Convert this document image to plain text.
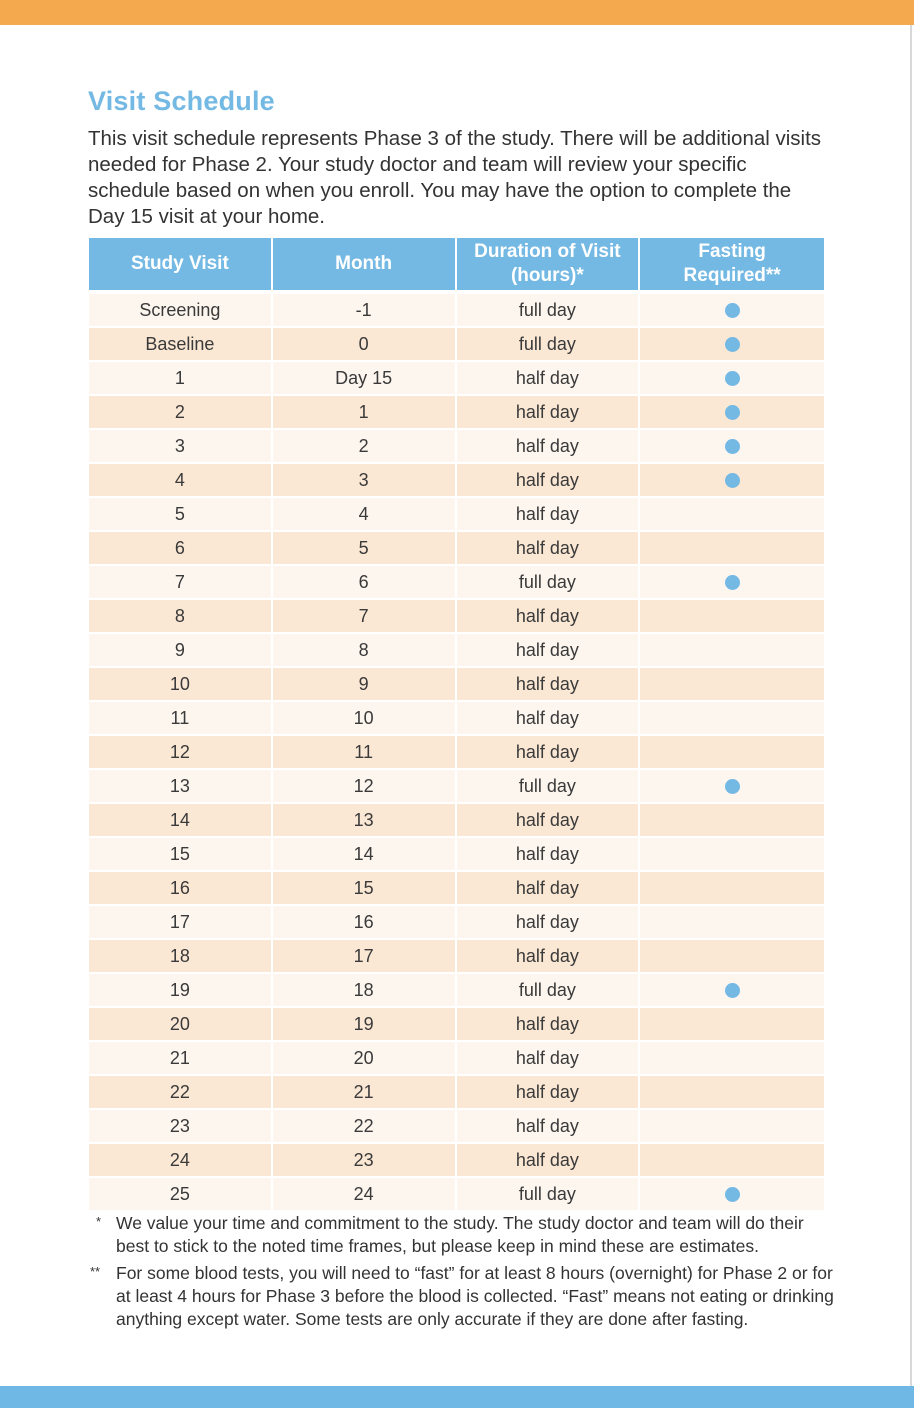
Visit Schedule

This visit schedule represents Phase 3 of the study. There will be additional visits needed for Phase 2. Your study doctor and team will review your specific schedule based on when you enroll. You may have the option to complete the Day 15 visit at your home.

Study Visit	Month	Duration of Visit (hours)*	Fasting Required**

Screening	-1	full day	
Baseline	0	full day	
1	Day 15	half day	
2	1	half day	
3	2	half day	
4	3	half day	
5	4	half day	
6	5	half day	
7	6	full day	
8	7	half day	
9	8	half day	
10	9	half day	
11	10	half day	
12	11	half day	
13	12	full day	
14	13	half day	
15	14	half day	
16	15	half day	
17	16	half day	
18	17	half day	
19	18	full day	
20	19	half day	
21	20	half day	
22	21	half day	
23	22	half day	
24	23	half day	
25	24	full day	
* We value your time and commitment to the study. The study doctor and team will do their best to stick to the noted time frames, but please keep in mind these are estimates.
** For some blood tests, you will need to “fast” for at least 8 hours (overnight) for Phase 2 or for at least 4 hours for Phase 3 before the blood is collected. “Fast” means not eating or drinking anything except water. Some tests are only accurate if they are done after fasting.
